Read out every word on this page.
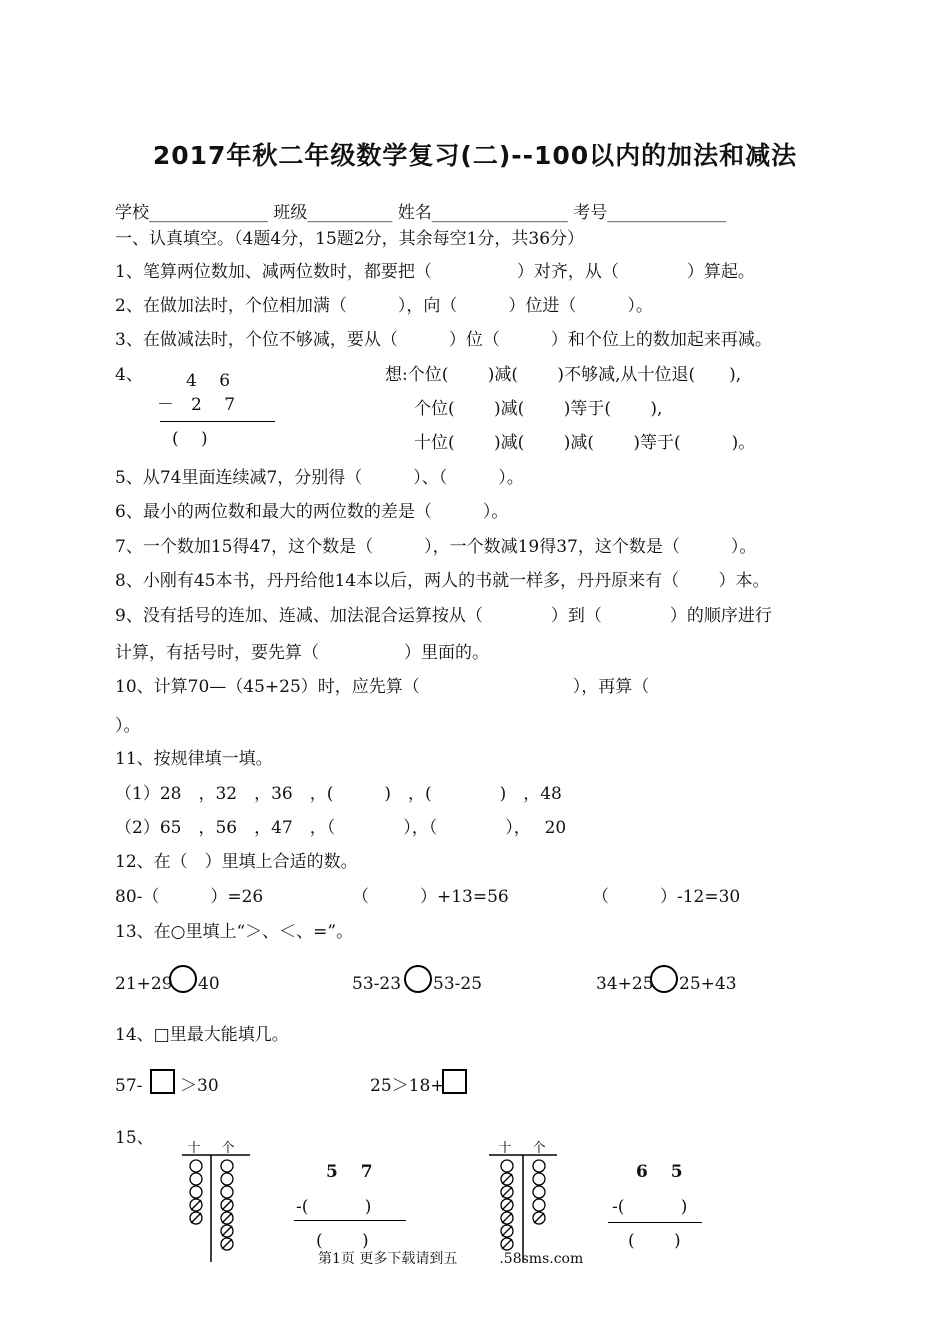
2017年秋二年级数学复习(二)--100以内的加法和减法
学校______________ 班级__________ 姓名________________ 考号______________
一、认真填空。（4题4分，15题2分，其余每空1分，共36分）
1、笔算两位数加、减两位数时，都要把（　　　　　）对齐，从（　　　　）算起。
2、在做加法时，个位相加满（　　　），向（　　　）位进（　　　）。
3、在做减法时，个位不够减，要从（　　　）位（　　　）和个位上的数加起来再减。
4、	4　 6
－　2　 7
(　 )
想:个位(　　 )减(　　 )不够减,从十位退(　　),
个位(　　 )减(　　 )等于(　　 ),
十位(　　 )减(　　 )减(　　 )等于(　　　)。
5、从74里面连续减7，分别得（　　　）、（　　　）。
6、最小的两位数和最大的两位数的差是（　　　）。
7、一个数加15得47，这个数是（　　　），一个数减19得37，这个数是（　　　）。
8、小刚有45本书，丹丹给他14本以后，两人的书就一样多，丹丹原来有（　　 ）本。
9、没有括号的连加、连减、加法混合运算按从（　　　　）到（　　　　）的顺序进行
计算，有括号时，要先算（　　　　　）里面的。
10、计算70—（45+25）时，应先算（　　　　　　　　　），再算（
）。
11、按规律填一填。
（1）28　，32　，36　，(　　　)　，(　　　　)　，48
（2）65　，56　，47　，（　　　　），（　　　　），　 20
12、在（　）里填上合适的数。
80-（　　　）=26	（　　　）+13=56	（　　　）-12=30
13、在○里填上“＞、＜、=”。
21+29 40	53-23 53-25	34+25 25+43
14、□里最大能填几。
57- ＞30	25＞18+
15、
十 个
5　 7
-(　　　 )
(　　 )
十 个
6　 5
-(　　　 )
(　　 )
第1页 更多下载请到五　　　.58sms.com
